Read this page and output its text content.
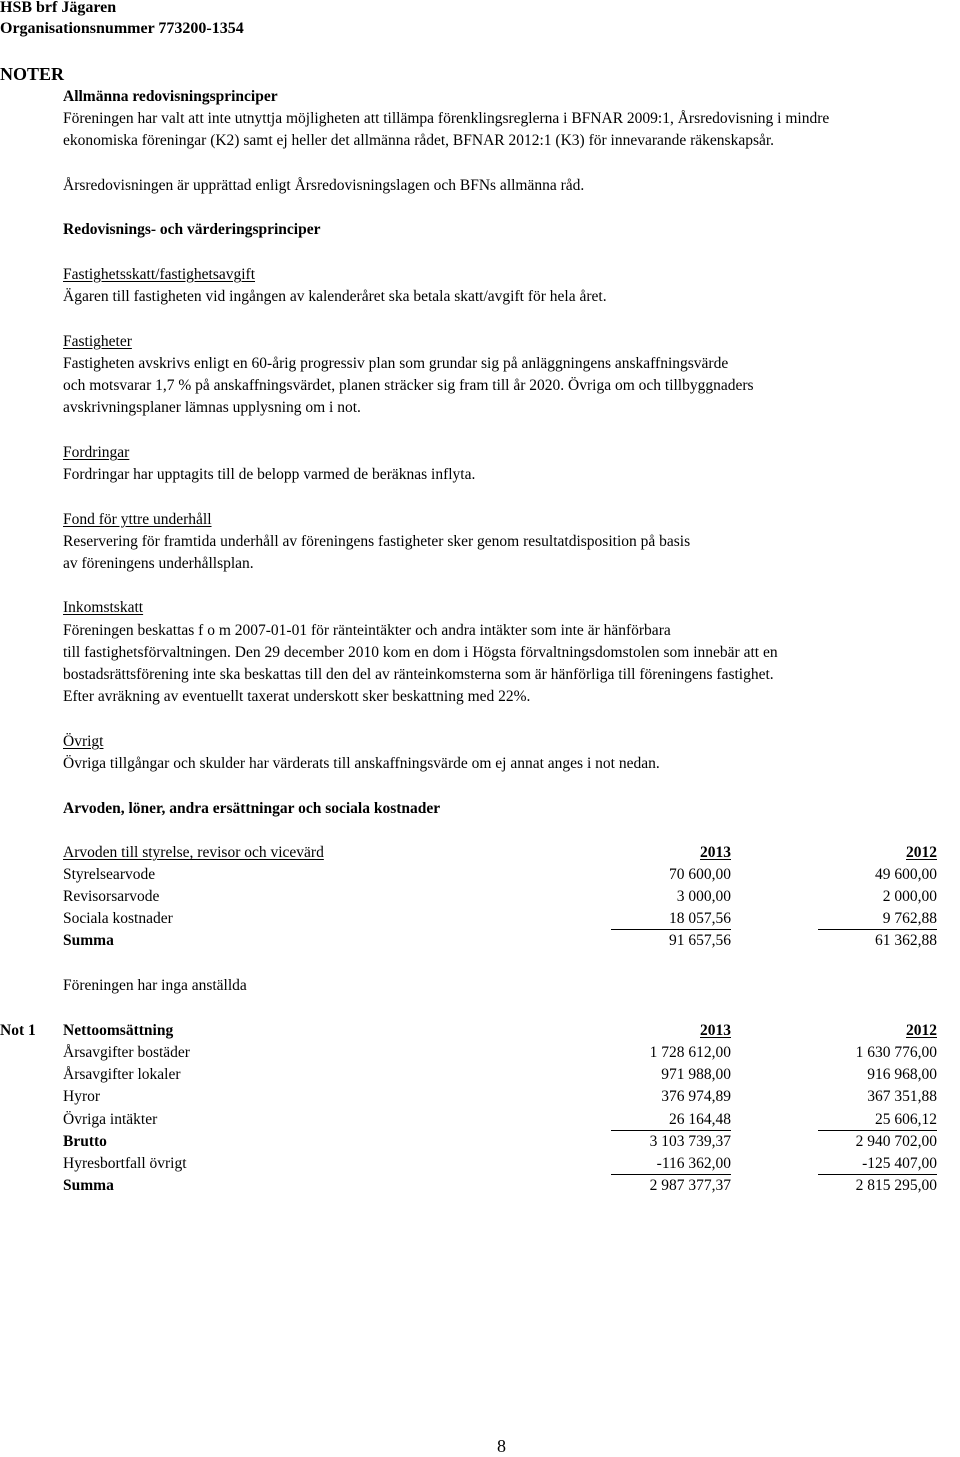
HSB brf Jägaren
Organisationsnummer 773200-1354
NOTER
Allmänna redovisningsprinciper
Föreningen har valt att inte utnyttja möjligheten att tillämpa förenklingsreglerna i BFNAR 2009:1, Årsredovisning i mindre
ekonomiska föreningar (K2) samt ej heller det allmänna rådet, BFNAR 2012:1 (K3) för innevarande räkenskapsår.
Årsredovisningen är upprättad enligt Årsredovisningslagen och BFNs allmänna råd.
Redovisnings- och värderingsprinciper
Fastighetsskatt/fastighetsavgift
Ägaren till fastigheten vid ingången av kalenderåret ska betala skatt/avgift för hela året.
Fastigheter
Fastigheten avskrivs enligt en 60-årig progressiv plan som grundar sig på anläggningens anskaffningsvärde
och motsvarar 1,7 % på anskaffningsvärdet, planen sträcker sig fram till år 2020. Övriga om och tillbyggnaders
avskrivningsplaner lämnas upplysning om i not.
Fordringar
Fordringar har upptagits till de belopp varmed de beräknas inflyta.
Fond för yttre underhåll
Reservering för framtida underhåll av föreningens fastigheter sker genom resultatdisposition på basis
av föreningens underhållsplan.
Inkomstskatt
Föreningen beskattas f o m 2007-01-01 för ränteintäkter och andra intäkter som inte är hänförbara
till fastighetsförvaltningen. Den 29 december 2010 kom en dom i Högsta förvaltningsdomstolen som innebär att en
bostadsrättsförening inte ska beskattas till den del av ränteinkomsterna som är hänförliga till föreningens fastighet.
Efter avräkning av eventuellt taxerat underskott sker beskattning med 22%.
Övrigt
Övriga tillgångar och skulder har värderats till anskaffningsvärde om ej annat anges i not nedan.
Arvoden, löner, andra ersättningar och sociala kostnader
Arvoden till styrelse, revisor och vicevärd	2013	2012
Styrelsearvode	70 600,00	49 600,00
Revisorsarvode	3 000,00	2 000,00
Sociala kostnader	18 057,56	9 762,88
Summa	91 657,56	61 362,88
Föreningen har inga anställda
Not 1 Nettoomsättning	2013	2012
Årsavgifter bostäder	1 728 612,00	1 630 776,00
Årsavgifter lokaler	971 988,00	916 968,00
Hyror	376 974,89	367 351,88
Övriga intäkter	26 164,48	25 606,12
Brutto	3 103 739,37	2 940 702,00
Hyresbortfall övrigt	-116 362,00	-125 407,00
Summa	2 987 377,37	2 815 295,00
8
